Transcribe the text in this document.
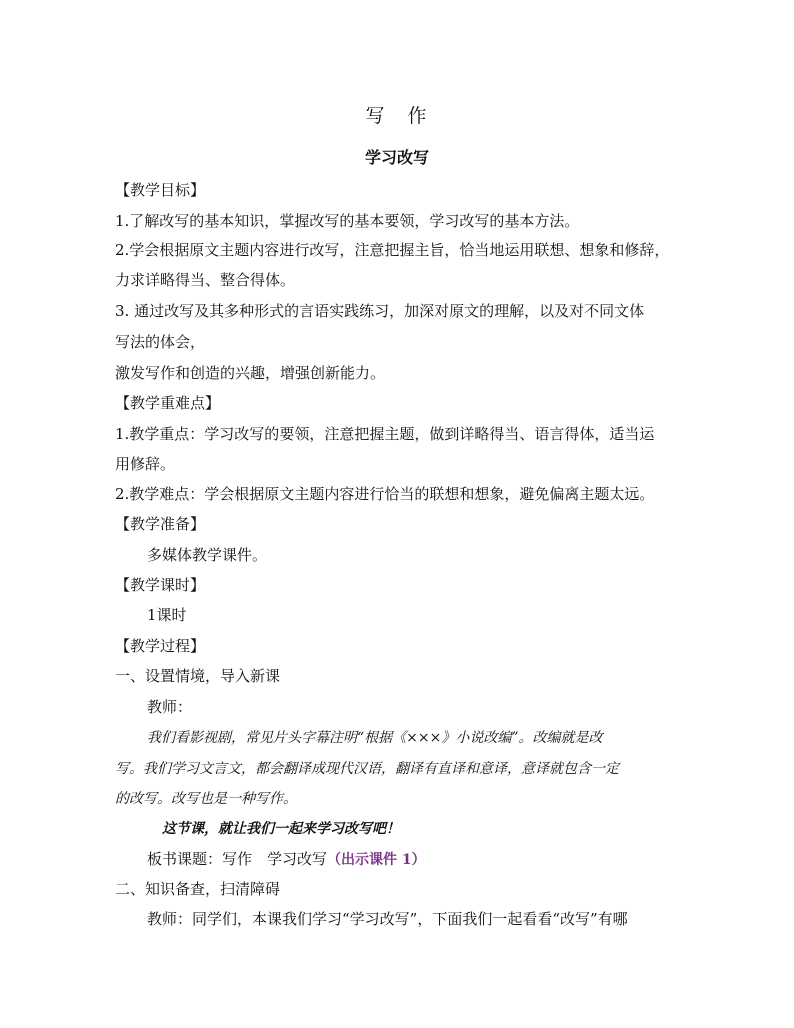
写　作
学习改写
【教学目标】
1.了解改写的基本知识，掌握改写的基本要领，学习改写的基本方法。
2.学会根据原文主题内容进行改写，注意把握主旨，恰当地运用联想、想象和修辞，
力求详略得当、整合得体。
3. 通过改写及其多种形式的言语实践练习，加深对原文的理解，以及对不同文体
写法的体会，
激发写作和创造的兴趣，增强创新能力。
【教学重难点】
1.教学重点：学习改写的要领，注意把握主题，做到详略得当、语言得体，适当运
用修辞。
2.教学难点：学会根据原文主题内容进行恰当的联想和想象，避免偏离主题太远。
【教学准备】
多媒体教学课件。
【教学课时】
1课时
【教学过程】
一、设置情境，导入新课
教师：
我们看影视剧，常见片头字幕注明“根据《×××》小说改编”。改编就是改
写。我们学习文言文，都会翻译成现代汉语，翻译有直译和意译，意译就包含一定
的改写。改写也是一种写作。
这节课，就让我们一起来学习改写吧！
板书课题：写作　学习改写（出示课件 1）
二、知识备查，扫清障碍
教师：同学们，本课我们学习“学习改写”，下面我们一起看看“改写”有哪
